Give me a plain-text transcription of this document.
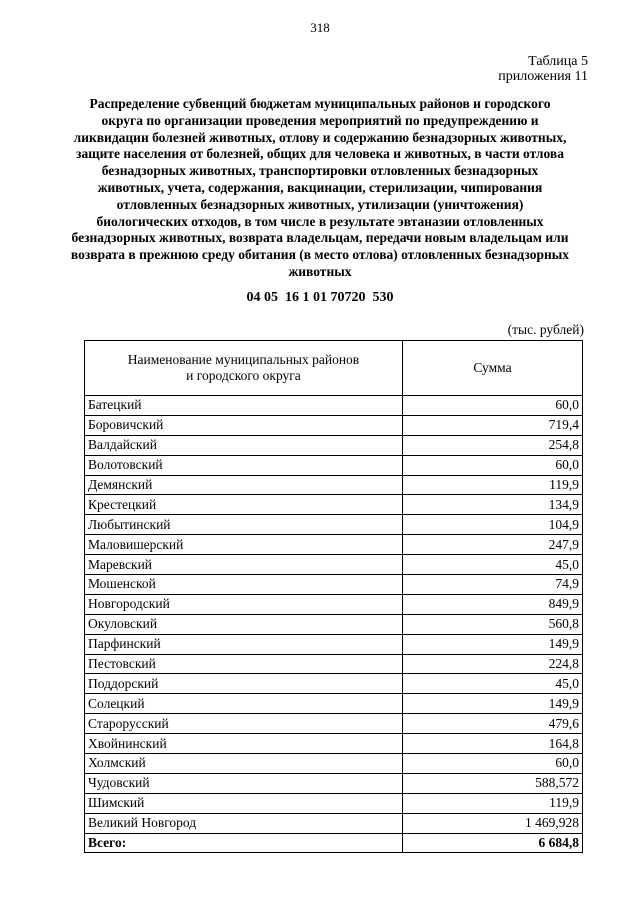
318
Таблица 5
приложения 11
Распределение субвенций бюджетам муниципальных районов и городского округа по организации проведения мероприятий по предупреждению и ликвидации болезней животных, отлову и содержанию безнадзорных животных, защите населения от болезней, общих для человека и животных, в части отлова безнадзорных животных, транспортировки отловленных безнадзорных животных, учета, содержания, вакцинации, стерилизации, чипирования отловленных безнадзорных животных, утилизации (уничтожения) биологических отходов, в том числе в результате эвтаназии отловленных безнадзорных животных, возврата владельцам, передачи новым владельцам или возврата в прежнюю среду обитания (в место отлова) отловленных безнадзорных животных
04 05  16 1 01 70720  530
(тыс. рублей)
Наименование муниципальных районов и городского округа	Сумма
Батецкий	60,0
Боровичский	719,4
Валдайский	254,8
Волотовский	60,0
Демянский	119,9
Крестецкий	134,9
Любытинский	104,9
Маловишерский	247,9
Маревский	45,0
Мошенской	74,9
Новгородский	849,9
Окуловский	560,8
Парфинский	149,9
Пестовский	224,8
Поддорский	45,0
Солецкий	149,9
Старорусский	479,6
Хвойнинский	164,8
Холмский	60,0
Чудовский	588,572
Шимский	119,9
Великий Новгород	1 469,928
Всего:	6 684,8
